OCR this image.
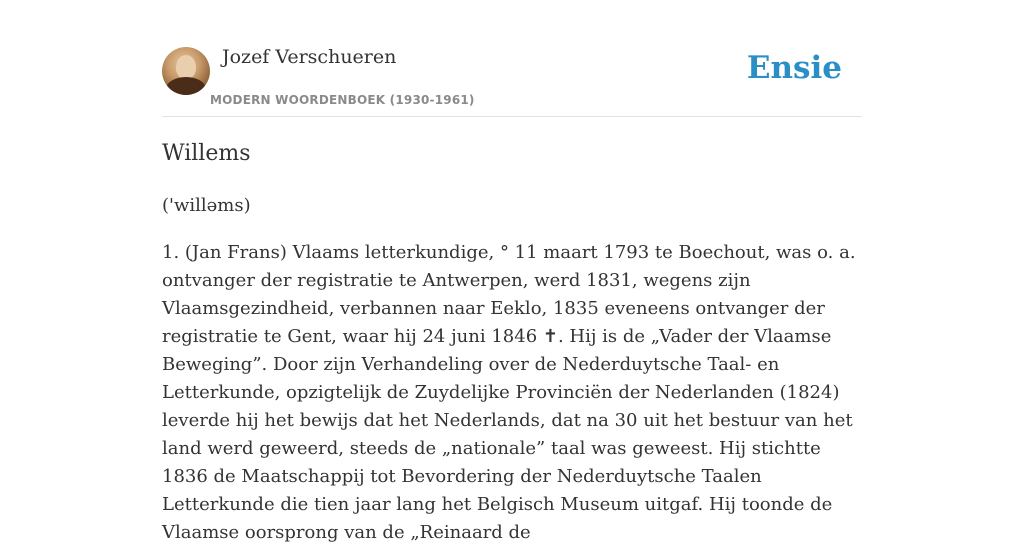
Jozef Verschueren
MODERN WOORDENBOEK (1930-1961)
Ensie
Willems

('willəms)

1. (Jan Frans) Vlaams letterkundige, ° 11 maart 1793 te Boechout, was o. a. ontvanger der registratie te Antwerpen, werd 1831, wegens zijn Vlaamsgezindheid, verbannen naar Eeklo, 1835 eveneens ontvanger der registratie te Gent, waar hij 24 juni 1846 ✝. Hij is de „Vader der Vlaamse Beweging”. Door zijn Verhandeling over de Nederduytsche Taal- en Letterkunde, opzigtelijk de Zuydelijke Provinciën der Nederlanden (1824) leverde hij het bewijs dat het Nederlands, dat na 30 uit het bestuur van het land werd geweerd, steeds de „nationale” taal was geweest. Hij stichtte 1836 de Maatschappij tot Bevordering der Nederduytsche Taalen Letterkunde die tien jaar lang het Belgisch Museum uitgaf. Hij toonde de Vlaamse oorsprong van de „Reinaard de
